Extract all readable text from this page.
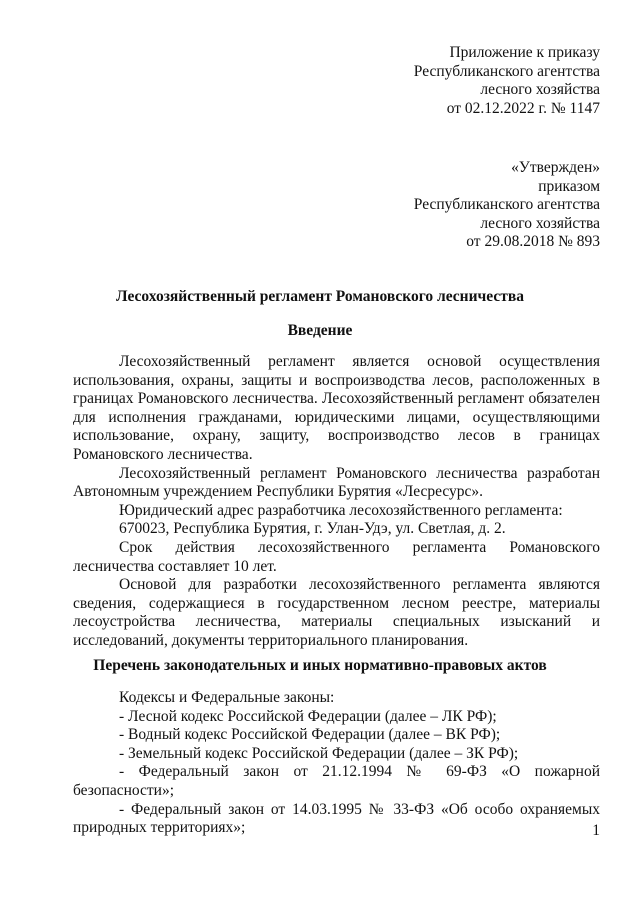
Приложение к приказу
Республиканского агентства
лесного хозяйства
от 02.12.2022 г. № 1147
«Утвержден»
приказом
Республиканского агентства
лесного хозяйства
от 29.08.2018 № 893
Лесохозяйственный регламент Романовского лесничества
Введение

Лесохозяйственный регламент является основой осуществления использования, охраны, защиты и воспроизводства лесов, расположенных в границах Романовского лесничества. Лесохозяйственный регламент обязателен для исполнения гражданами, юридическими лицами, осуществляющими использование, охрану, защиту, воспроизводство лесов в границах Романовского лесничества.

Лесохозяйственный регламент Романовского лесничества разработан Автономным учреждением Республики Бурятия «Лесресурс».

Юридический адрес разработчика лесохозяйственного регламента:

670023, Республика Бурятия, г. Улан-Удэ, ул. Светлая, д. 2.

Срок действия лесохозяйственного регламента Романовского лесничества составляет 10 лет.

Основой для разработки лесохозяйственного регламента являются сведения, содержащиеся в государственном лесном реестре, материалы лесоустройства лесничества, материалы специальных изысканий и исследований, документы территориального планирования.

Перечень законодательных и иных нормативно-правовых актов

Кодексы и Федеральные законы:

- Лесной кодекс Российской Федерации (далее – ЛК РФ);

- Водный кодекс Российской Федерации (далее – ВК РФ);

- Земельный кодекс Российской Федерации (далее – ЗК РФ);

- Федеральный закон от 21.12.1994 № 69-ФЗ «О пожарной безопасности»;

- Федеральный закон от 14.03.1995 № 33-ФЗ «Об особо охраняемых природных территориях»;	1
